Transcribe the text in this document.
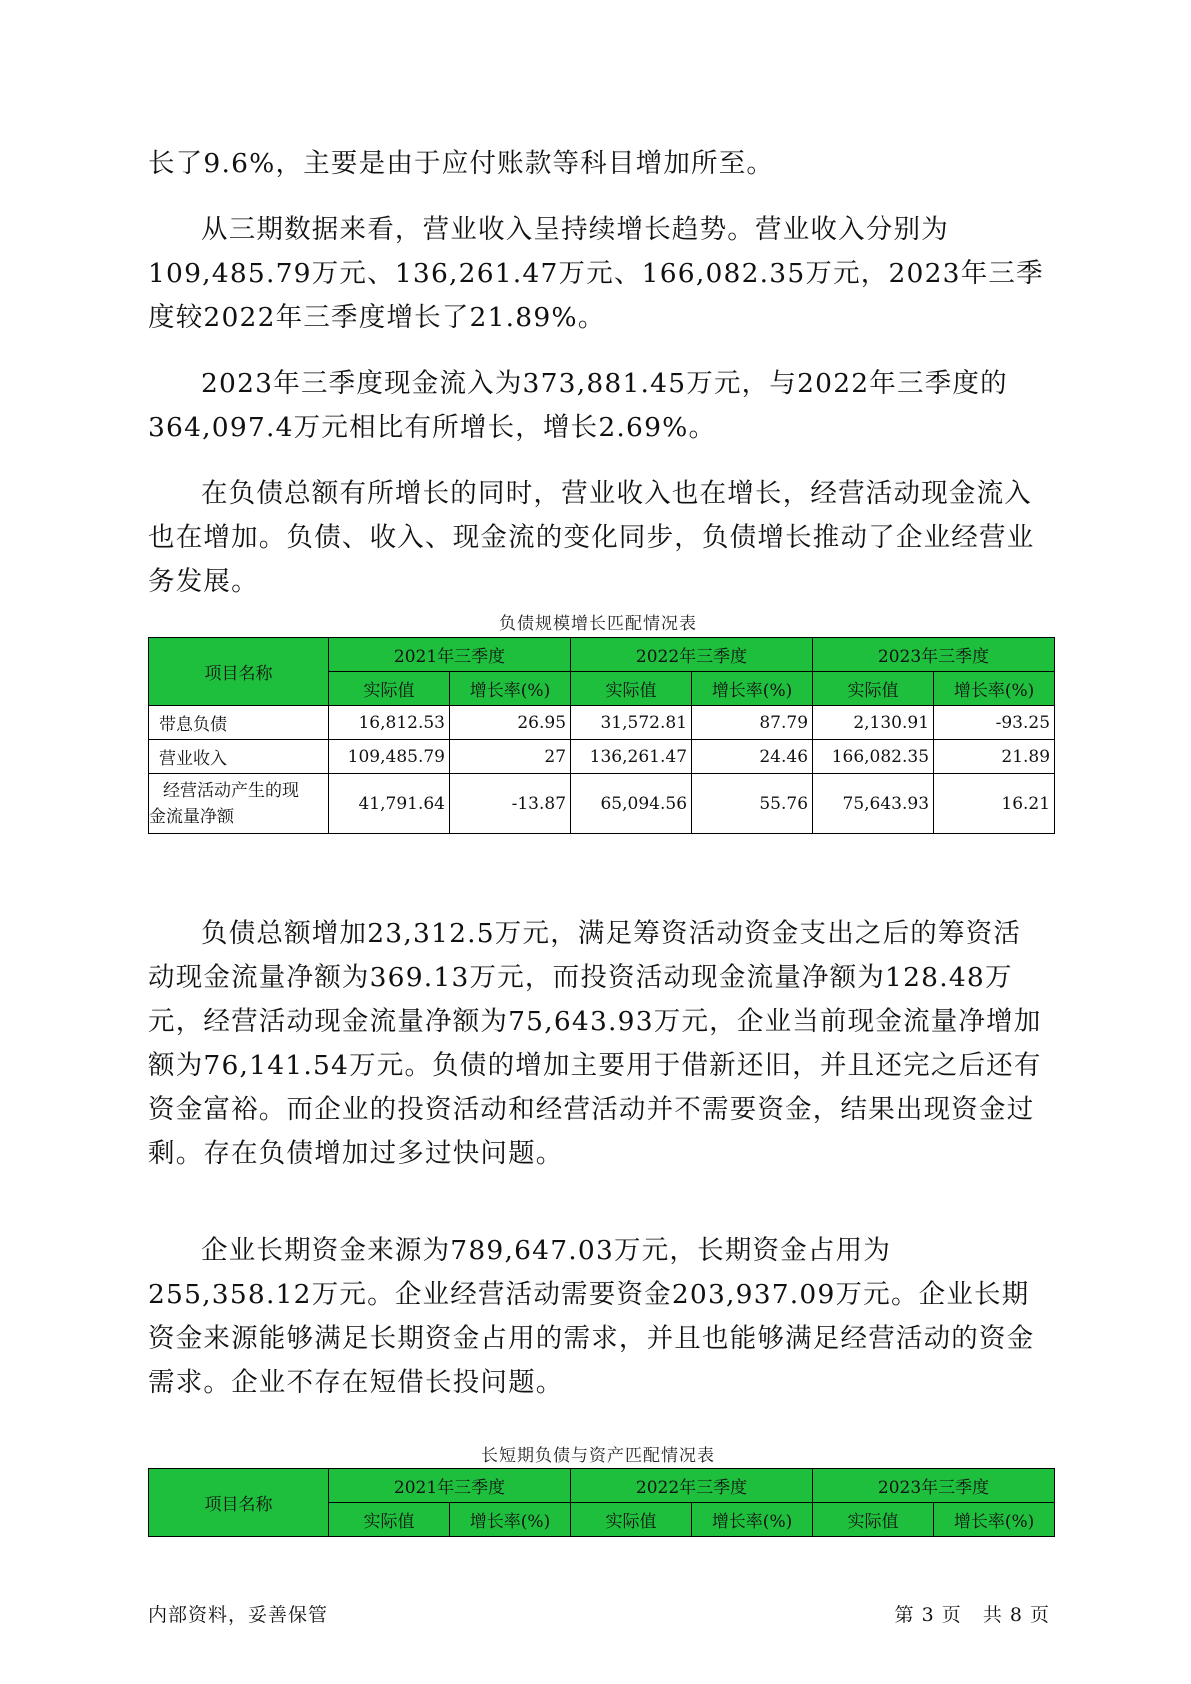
长了9.6%，主要是由于应付账款等科目增加所至。

从三期数据来看，营业收入呈持续增长趋势。营业收入分别为109,485.79万元、136,261.47万元、166,082.35万元，2023年三季度较2022年三季度增长了21.89%。

2023年三季度现金流入为373,881.45万元，与2022年三季度的364,097.4万元相比有所增长，增长2.69%。

在负债总额有所增长的同时，营业收入也在增长，经营活动现金流入也在增加。负债、收入、现金流的变化同步，负债增长推动了企业经营业务发展。

负债规模增长匹配情况表
项目名称	2021年三季度		2022年三季度		2023年三季度	
	实际值	增长率(%)	实际值	增长率(%)	实际值	增长率(%)
带息负债	16,812.53	26.95	31,572.81	87.79	2,130.91	-93.25
营业收入	109,485.79	27	136,261.47	24.46	166,082.35	21.89

经营活动产生的现
金流量净额	41,791.64	-13.87	65,094.56	55.76	75,643.93	16.21

负债总额增加23,312.5万元，满足筹资活动资金支出之后的筹资活动现金流量净额为369.13万元，而投资活动现金流量净额为128.48万元，经营活动现金流量净额为75,643.93万元，企业当前现金流量净增加额为76,141.54万元。负债的增加主要用于借新还旧，并且还完之后还有资金富裕。而企业的投资活动和经营活动并不需要资金，结果出现资金过剩。存在负债增加过多过快问题。

企业长期资金来源为789,647.03万元，长期资金占用为255,358.12万元。企业经营活动需要资金203,937.09万元。企业长期资金来源能够满足长期资金占用的需求，并且也能够满足经营活动的资金需求。企业不存在短借长投问题。

长短期负债与资产匹配情况表
项目名称	2021年三季度		2022年三季度		2023年三季度	
	实际值	增长率(%)	实际值	增长率(%)	实际值	增长率(%)
内部资料，妥善保管	第 3 页   共 8 页
